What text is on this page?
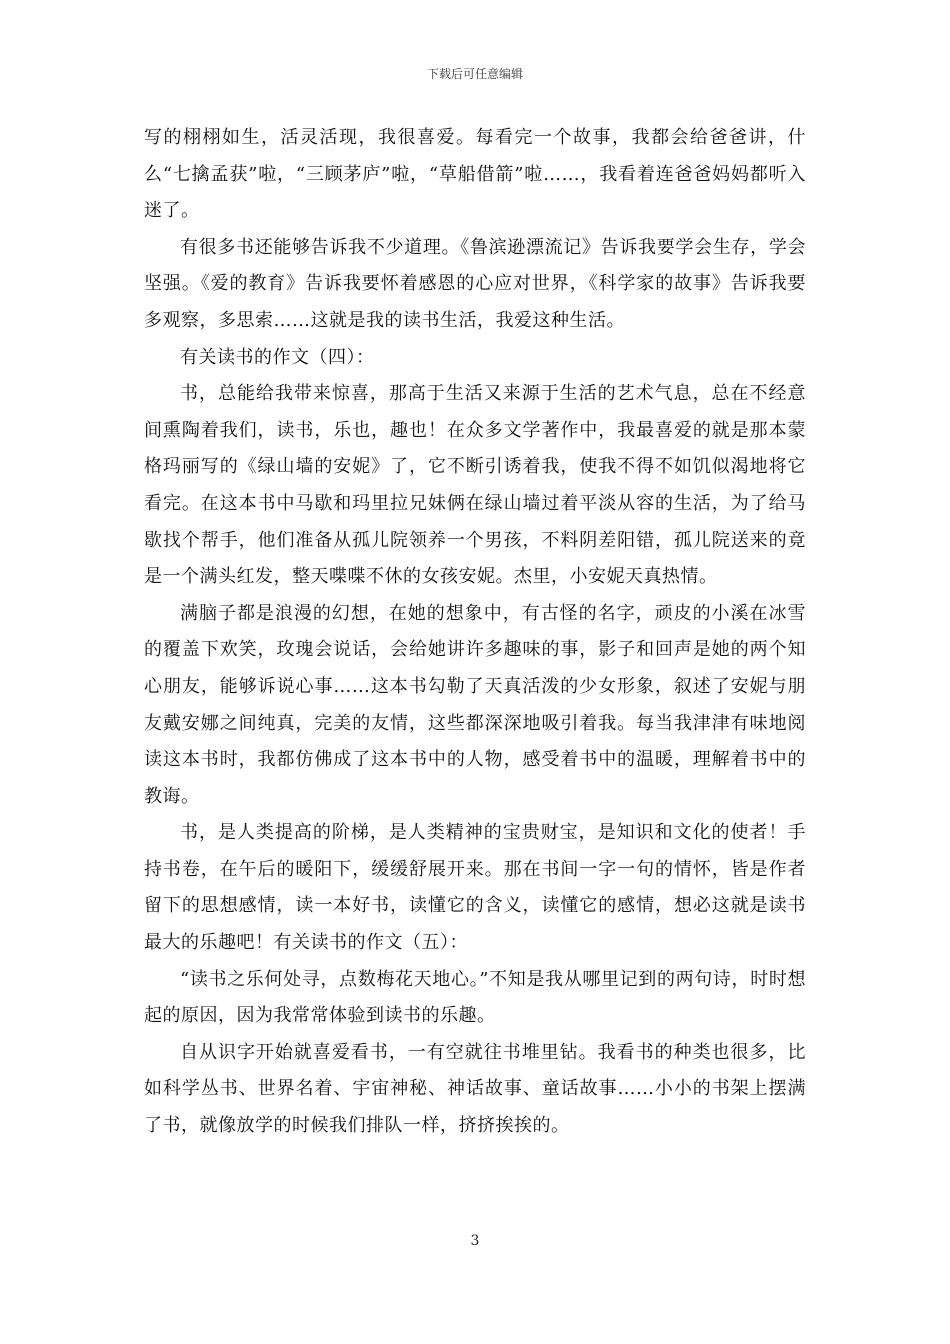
下载后可任意编辑

写的栩栩如生，活灵活现，我很喜爱。每看完一个故事，我都会给爸爸讲，什么“七擒孟获”啦，“三顾茅庐”啦，“草船借箭”啦……，我看着连爸爸妈妈都听入迷了。

有很多书还能够告诉我不少道理。《鲁滨逊漂流记》告诉我要学会生存，学会坚强。《爱的教育》告诉我要怀着感恩的心应对世界，《科学家的故事》告诉我要多观察，多思索……这就是我的读书生活，我爱这种生活。

有关读书的作文（四）：

书，总能给我带来惊喜，那高于生活又来源于生活的艺术气息，总在不经意间熏陶着我们，读书，乐也，趣也！在众多文学著作中，我最喜爱的就是那本蒙格玛丽写的《绿山墙的安妮》了，它不断引诱着我，使我不得不如饥似渴地将它看完。在这本书中马歇和玛里拉兄妹俩在绿山墙过着平淡从容的生活，为了给马歇找个帮手，他们准备从孤儿院领养一个男孩，不料阴差阳错，孤儿院送来的竟是一个满头红发，整天喋喋不休的女孩安妮。杰里，小安妮天真热情。

满脑子都是浪漫的幻想，在她的想象中，有古怪的名字，顽皮的小溪在冰雪的覆盖下欢笑，玫瑰会说话，会给她讲许多趣味的事，影子和回声是她的两个知心朋友，能够诉说心事……这本书勾勒了天真活泼的少女形象，叙述了安妮与朋友戴安娜之间纯真，完美的友情，这些都深深地吸引着我。每当我津津有味地阅读这本书时，我都仿佛成了这本书中的人物，感受着书中的温暖，理解着书中的教诲。

书，是人类提高的阶梯，是人类精神的宝贵财宝，是知识和文化的使者！手持书卷，在午后的暖阳下，缓缓舒展开来。那在书间一字一句的情怀，皆是作者留下的思想感情，读一本好书，读懂它的含义，读懂它的感情，想必这就是读书最大的乐趣吧！有关读书的作文（五）：

“读书之乐何处寻，点数梅花天地心。”不知是我从哪里记到的两句诗，时时想起的原因，因为我常常体验到读书的乐趣。

自从识字开始就喜爱看书，一有空就往书堆里钻。我看书的种类也很多，比如科学丛书、世界名着、宇宙神秘、神话故事、童话故事……小小的书架上摆满了书，就像放学的时候我们排队一样，挤挤挨挨的。

3
